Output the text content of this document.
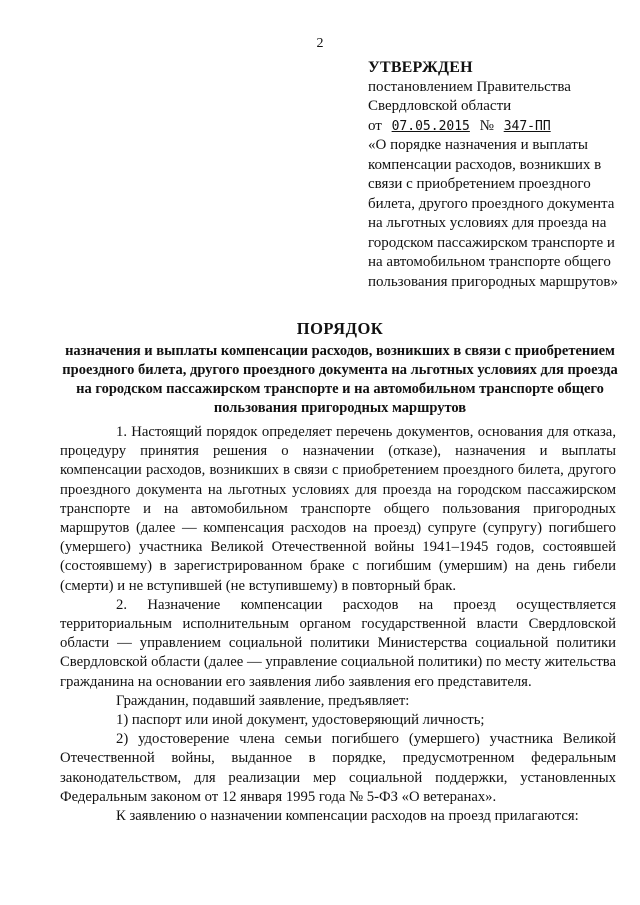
2
УТВЕРЖДЕН
постановлением Правительства
Свердловской области
от 07.05.2015 № 347-ПП
«О порядке назначения и выплаты компенсации расходов, возникших в связи с приобретением проездного билета, другого проездного документа на льготных условиях для проезда на городском пассажирском транспорте и на автомобильном транспорте общего пользования пригородных маршрутов»
ПОРЯДОК
назначения и выплаты компенсации расходов, возникших в связи с приобретением проездного билета, другого проездного документа на льготных условиях для проезда на городском пассажирском транспорте и на автомобильном транспорте общего пользования пригородных маршрутов

1. Настоящий порядок определяет перечень документов, основания для отказа, процедуру принятия решения о назначении (отказе), назначения и выплаты компенсации расходов, возникших в связи с приобретением проездного билета, другого проездного документа на льготных условиях для проезда на городском пассажирском транспорте и на автомобильном транспорте общего пользования пригородных маршрутов (далее — компенсация расходов на проезд) супруге (супругу) погибшего (умершего) участника Великой Отечественной войны 1941–1945 годов, состоявшей (состоявшему) в зарегистрированном браке с погибшим (умершим) на день гибели (смерти) и не вступившей (не вступившему) в повторный брак.

2. Назначение компенсации расходов на проезд осуществляется территориальным исполнительным органом государственной власти Свердловской области — управлением социальной политики Министерства социальной политики Свердловской области (далее — управление социальной политики) по месту жительства гражданина на основании его заявления либо заявления его представителя.

Гражданин, подавший заявление, предъявляет:

1) паспорт или иной документ, удостоверяющий личность;

2) удостоверение члена семьи погибшего (умершего) участника Великой Отечественной войны, выданное в порядке, предусмотренном федеральным законодательством, для реализации мер социальной поддержки, установленных Федеральным законом от 12 января 1995 года № 5-ФЗ «О ветеранах».

К заявлению о назначении компенсации расходов на проезд прилагаются:
